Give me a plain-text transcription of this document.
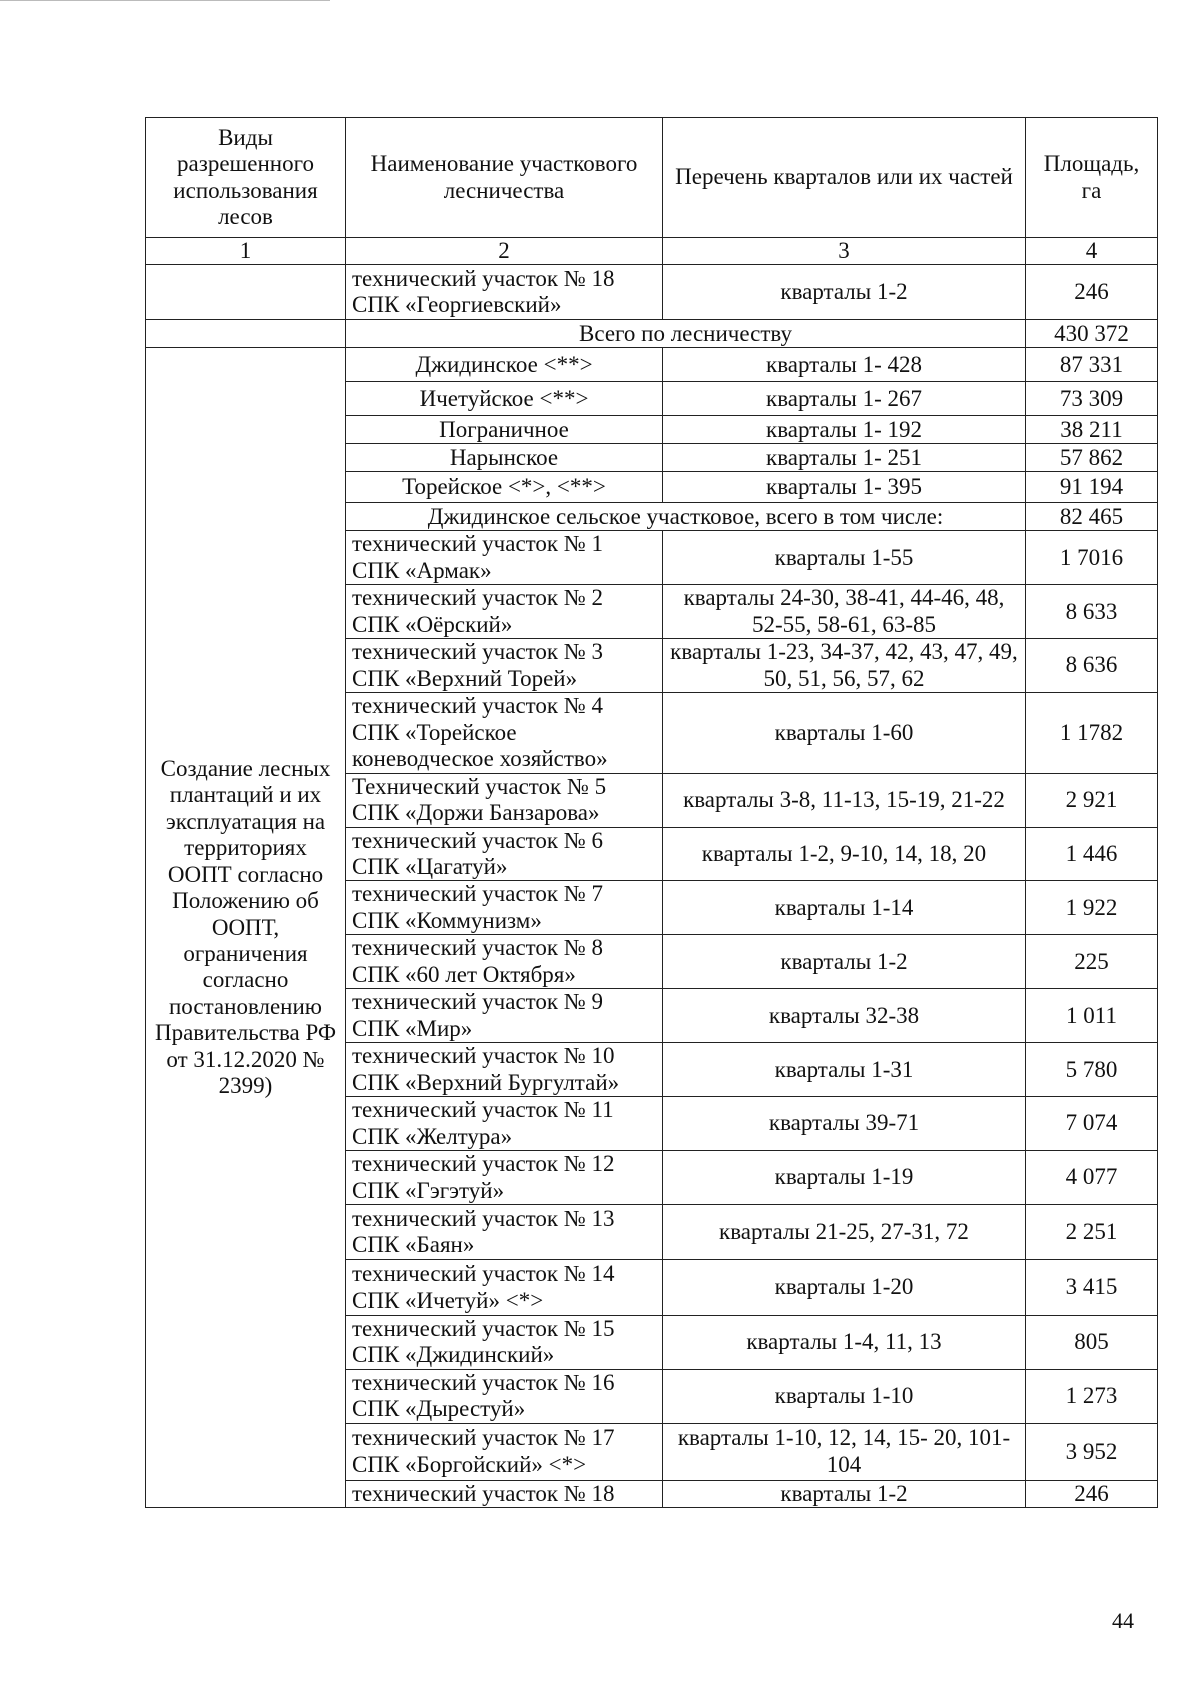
Виды разрешенного использования лесов	Наименование участкового лесничества	Перечень кварталов или их частей	Площадь, га
1	2	3	4
	технический участок № 18 СПК «Георгиевский»	кварталы 1-2	246
	Всего по лесничеству		430 372
Создание лесных плантаций и их эксплуатация на территориях ООПТ согласно Положению об ООПТ, ограничения согласно постановлению Правительства РФ от 31.12.2020 № 2399)	Джидинское <**>	кварталы 1- 428	87 331
	Ичетуйское <**>	кварталы 1- 267	73 309
	Пограничное	кварталы 1- 192	38 211
	Нарынское	кварталы 1- 251	57 862
	Торейское <*>, <**>	кварталы 1- 395	91 194
	Джидинское сельское участковое, всего в том числе:		82 465
	технический участок № 1 СПК «Армак»	кварталы 1-55	1 7016
	технический участок № 2 СПК «Оёрский»	кварталы 24-30, 38-41, 44-46, 48, 52-55, 58-61, 63-85	8 633
	технический участок № 3 СПК «Верхний Торей»	кварталы 1-23, 34-37, 42, 43, 47, 49, 50, 51, 56, 57, 62	8 636
	технический участок № 4 СПК «Торейское коневодческое хозяйство»	кварталы 1-60	1 1782
	Технический участок № 5 СПК «Доржи Банзарова»	кварталы 3-8, 11-13, 15-19, 21-22	2 921
	технический участок № 6 СПК «Цагатуй»	кварталы 1-2, 9-10, 14, 18, 20	1 446
	технический участок № 7 СПК «Коммунизм»	кварталы 1-14	1 922
	технический участок № 8 СПК «60 лет Октября»	кварталы 1-2	225
	технический участок № 9 СПК «Мир»	кварталы 32-38	1 011
	технический участок № 10 СПК «Верхний Бургултай»	кварталы 1-31	5 780
	технический участок № 11 СПК «Желтура»	кварталы 39-71	7 074
	технический участок № 12 СПК «Гэгэтуй»	кварталы 1-19	4 077
	технический участок № 13 СПК «Баян»	кварталы 21-25, 27-31, 72	2 251
	технический участок № 14 СПК «Ичетуй» <*>	кварталы 1-20	3 415
	технический участок № 15 СПК «Джидинский»	кварталы 1-4, 11, 13	805
	технический участок № 16 СПК «Дырестуй»	кварталы 1-10	1 273
	технический участок № 17 СПК «Боргойский» <*>	кварталы 1-10, 12, 14, 15- 20, 101-104	3 952
	технический участок № 18	кварталы 1-2	246
44
